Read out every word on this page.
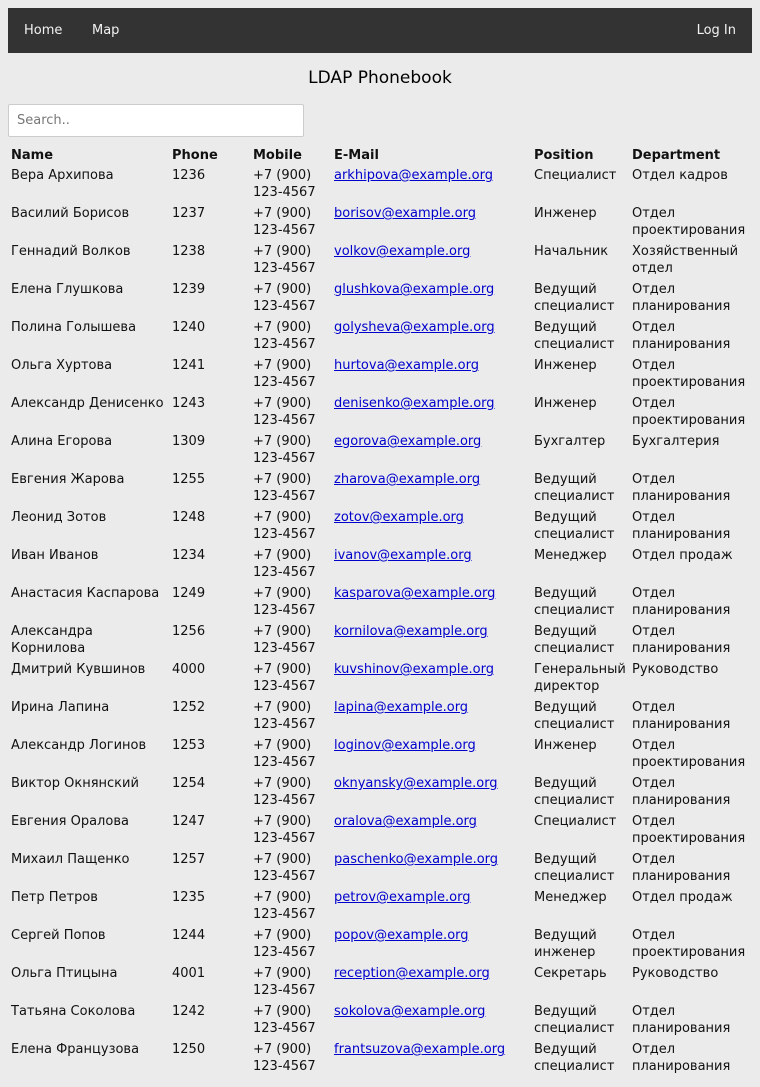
Home Map	Log In
LDAP Phonebook
Search..
Name	Phone	Mobile	E-Mail	Position	Department
Вера Архипова	1236	+7 (900) 123-4567	arkhipova@example.org	Специалист	Отдел кадров
Василий Борисов	1237	+7 (900) 123-4567	borisov@example.org	Инженер	Отдел проектирования
Геннадий Волков	1238	+7 (900) 123-4567	volkov@example.org	Начальник	Хозяйственный отдел
Елена Глушкова	1239	+7 (900) 123-4567	glushkova@example.org	Ведущий специалист	Отдел планирования
Полина Голышева	1240	+7 (900) 123-4567	golysheva@example.org	Ведущий специалист	Отдел планирования
Ольга Хуртова	1241	+7 (900) 123-4567	hurtova@example.org	Инженер	Отдел проектирования
Александр Денисенко	1243	+7 (900) 123-4567	denisenko@example.org	Инженер	Отдел проектирования
Алина Егорова	1309	+7 (900) 123-4567	egorova@example.org	Бухгалтер	Бухгалтерия
Евгения Жарова	1255	+7 (900) 123-4567	zharova@example.org	Ведущий специалист	Отдел планирования
Леонид Зотов	1248	+7 (900) 123-4567	zotov@example.org	Ведущий специалист	Отдел планирования
Иван Иванов	1234	+7 (900) 123-4567	ivanov@example.org	Менеджер	Отдел продаж
Анастасия Каспарова	1249	+7 (900) 123-4567	kasparova@example.org	Ведущий специалист	Отдел планирования
Александра Корнилова	1256	+7 (900) 123-4567	kornilova@example.org	Ведущий специалист	Отдел планирования
Дмитрий Кувшинов	4000	+7 (900) 123-4567	kuvshinov@example.org	Генеральный директор	Руководство
Ирина Лапина	1252	+7 (900) 123-4567	lapina@example.org	Ведущий специалист	Отдел планирования
Александр Логинов	1253	+7 (900) 123-4567	loginov@example.org	Инженер	Отдел проектирования
Виктор Окнянский	1254	+7 (900) 123-4567	oknyansky@example.org	Ведущий специалист	Отдел планирования
Евгения Оралова	1247	+7 (900) 123-4567	oralova@example.org	Специалист	Отдел проектирования
Михаил Пащенко	1257	+7 (900) 123-4567	paschenko@example.org	Ведущий специалист	Отдел планирования
Петр Петров	1235	+7 (900) 123-4567	petrov@example.org	Менеджер	Отдел продаж
Сергей Попов	1244	+7 (900) 123-4567	popov@example.org	Ведущий инженер	Отдел проектирования
Ольга Птицына	4001	+7 (900) 123-4567	reception@example.org	Секретарь	Руководство
Татьяна Соколова	1242	+7 (900) 123-4567	sokolova@example.org	Ведущий специалист	Отдел планирования
Елена Французова	1250	+7 (900) 123-4567	frantsuzova@example.org	Ведущий специалист	Отдел планирования
